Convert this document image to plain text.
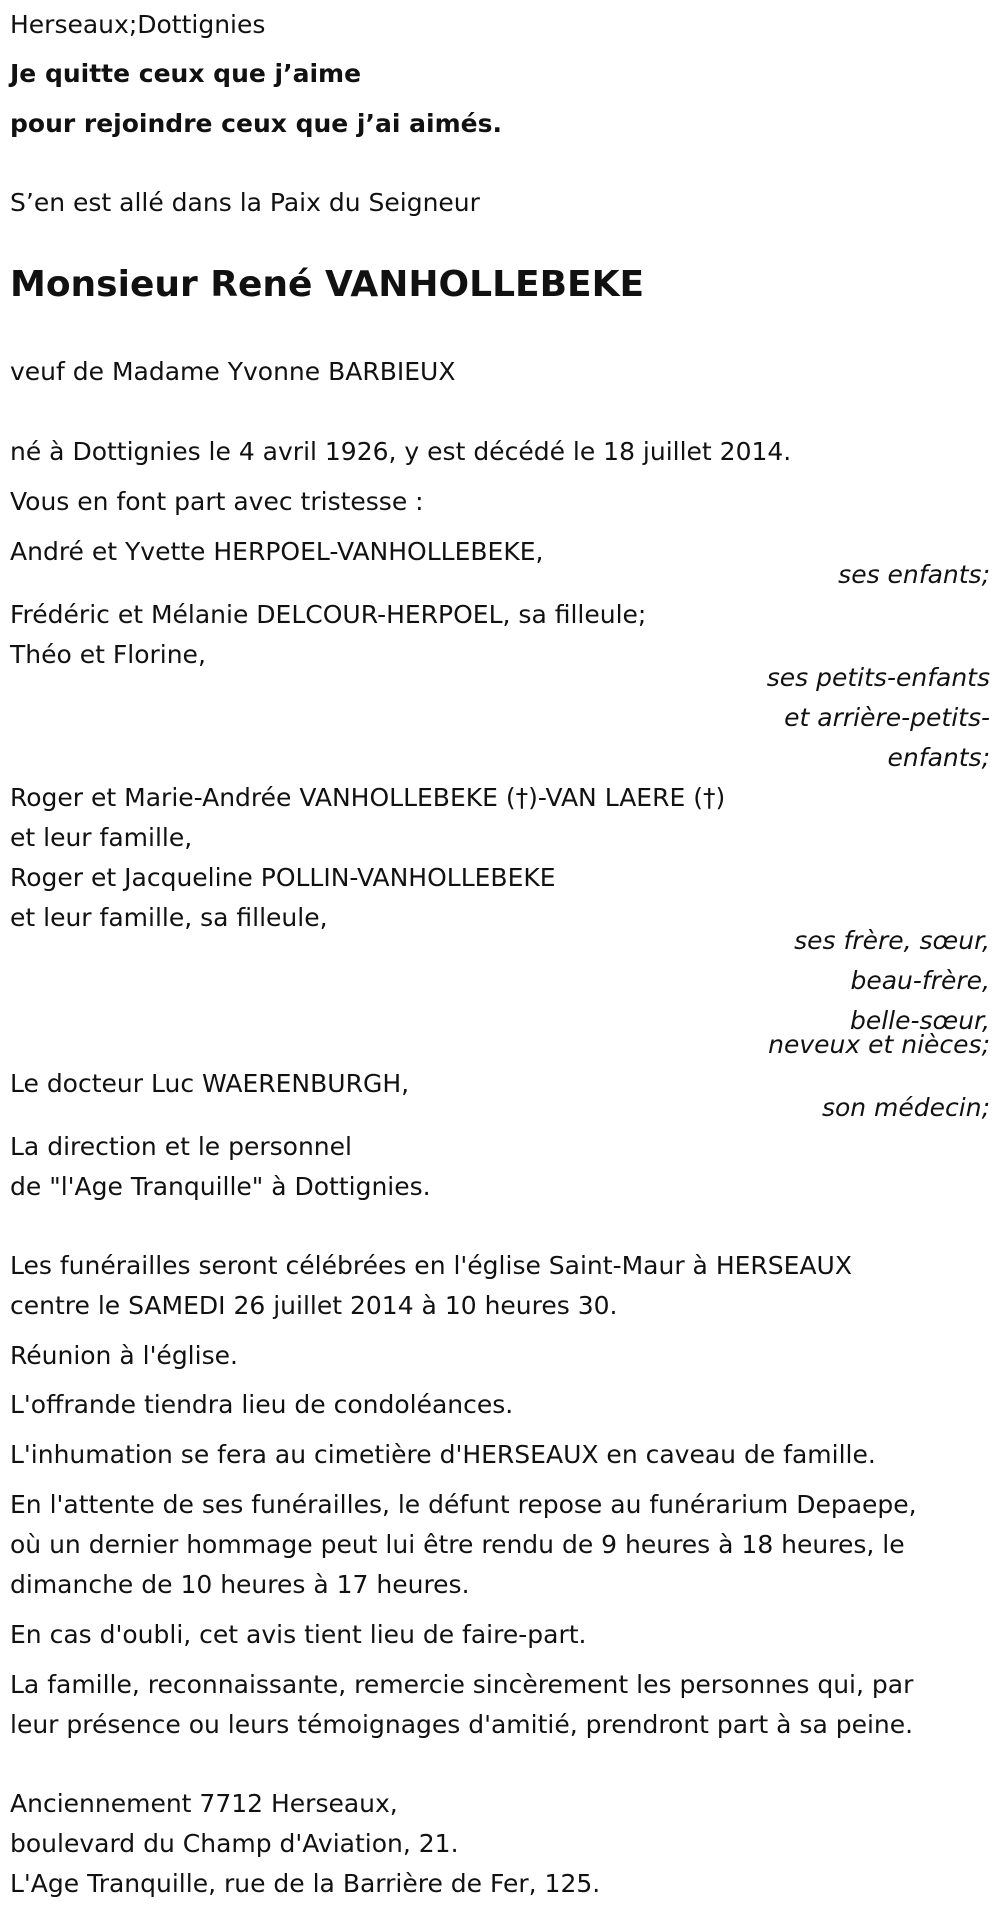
Herseaux;Dottignies
Je quitte ceux que j’aime
pour rejoindre ceux que j’ai aimés.
S’en est allé dans la Paix du Seigneur
Monsieur René VANHOLLEBEKE
veuf de Madame Yvonne BARBIEUX
né à Dottignies le 4 avril 1926, y est décédé le 18 juillet 2014.
Vous en font part avec tristesse :
André et Yvette HERPOEL-VANHOLLEBEKE,
ses enfants;
Frédéric et Mélanie DELCOUR-HERPOEL, sa filleule;
Théo et Florine,
ses petits-enfants
et arrière-petits-
enfants;
Roger et Marie-Andrée VANHOLLEBEKE (†)-VAN LAERE (†)
et leur famille,
Roger et Jacqueline POLLIN-VANHOLLEBEKE
et leur famille, sa filleule,
ses frère, sœur,
beau-frère,
belle-sœur,
neveux et nièces;
Le docteur Luc WAERENBURGH,
son médecin;
La direction et le personnel
de "l'Age Tranquille" à Dottignies.
Les funérailles seront célébrées en l'église Saint-Maur à HERSEAUX
centre le SAMEDI 26 juillet 2014 à 10 heures 30.
Réunion à l'église.
L'offrande tiendra lieu de condoléances.
L'inhumation se fera au cimetière d'HERSEAUX en caveau de famille.
En l'attente de ses funérailles, le défunt repose au funérarium Depaepe,
où un dernier hommage peut lui être rendu de 9 heures à 18 heures, le
dimanche de 10 heures à 17 heures.
En cas d'oubli, cet avis tient lieu de faire-part.
La famille, reconnaissante, remercie sincèrement les personnes qui, par
leur présence ou leurs témoignages d'amitié, prendront part à sa peine.
Anciennement 7712 Herseaux,
boulevard du Champ d'Aviation, 21.
L'Age Tranquille, rue de la Barrière de Fer, 125.
